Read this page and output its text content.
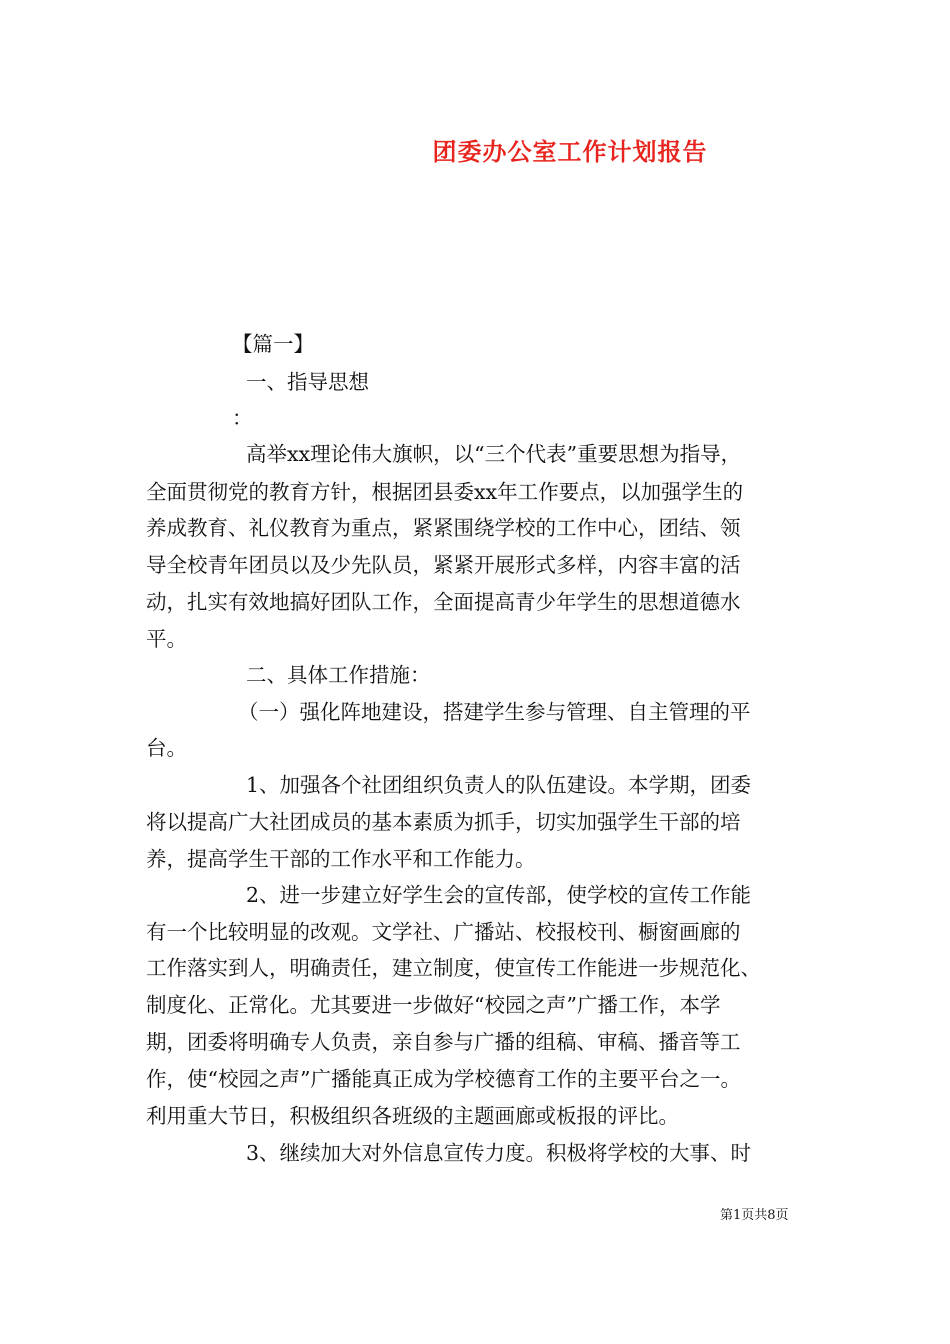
团委办公室工作计划报告
【篇一】
一、指导思想
：
高举xx理论伟大旗帜，以“三个代表”重要思想为指导，
全面贯彻党的教育方针，根据团县委xx年工作要点，以加强学生的
养成教育、礼仪教育为重点，紧紧围绕学校的工作中心，团结、领
导全校青年团员以及少先队员，紧紧开展形式多样，内容丰富的活
动，扎实有效地搞好团队工作，全面提高青少年学生的思想道德水
平。
二、具体工作措施：
（一）强化阵地建设，搭建学生参与管理、自主管理的平
台。
1、加强各个社团组织负责人的队伍建设。本学期，团委
将以提高广大社团成员的基本素质为抓手，切实加强学生干部的培
养，提高学生干部的工作水平和工作能力。
2、进一步建立好学生会的宣传部，使学校的宣传工作能
有一个比较明显的改观。文学社、广播站、校报校刊、橱窗画廊的
工作落实到人，明确责任，建立制度，使宣传工作能进一步规范化、
制度化、正常化。尤其要进一步做好“校园之声”广播工作，本学
期，团委将明确专人负责，亲自参与广播的组稿、审稿、播音等工
作，使“校园之声”广播能真正成为学校德育工作的主要平台之一。
利用重大节日，积极组织各班级的主题画廊或板报的评比。
3、继续加大对外信息宣传力度。积极将学校的大事、时
第1页共8页
